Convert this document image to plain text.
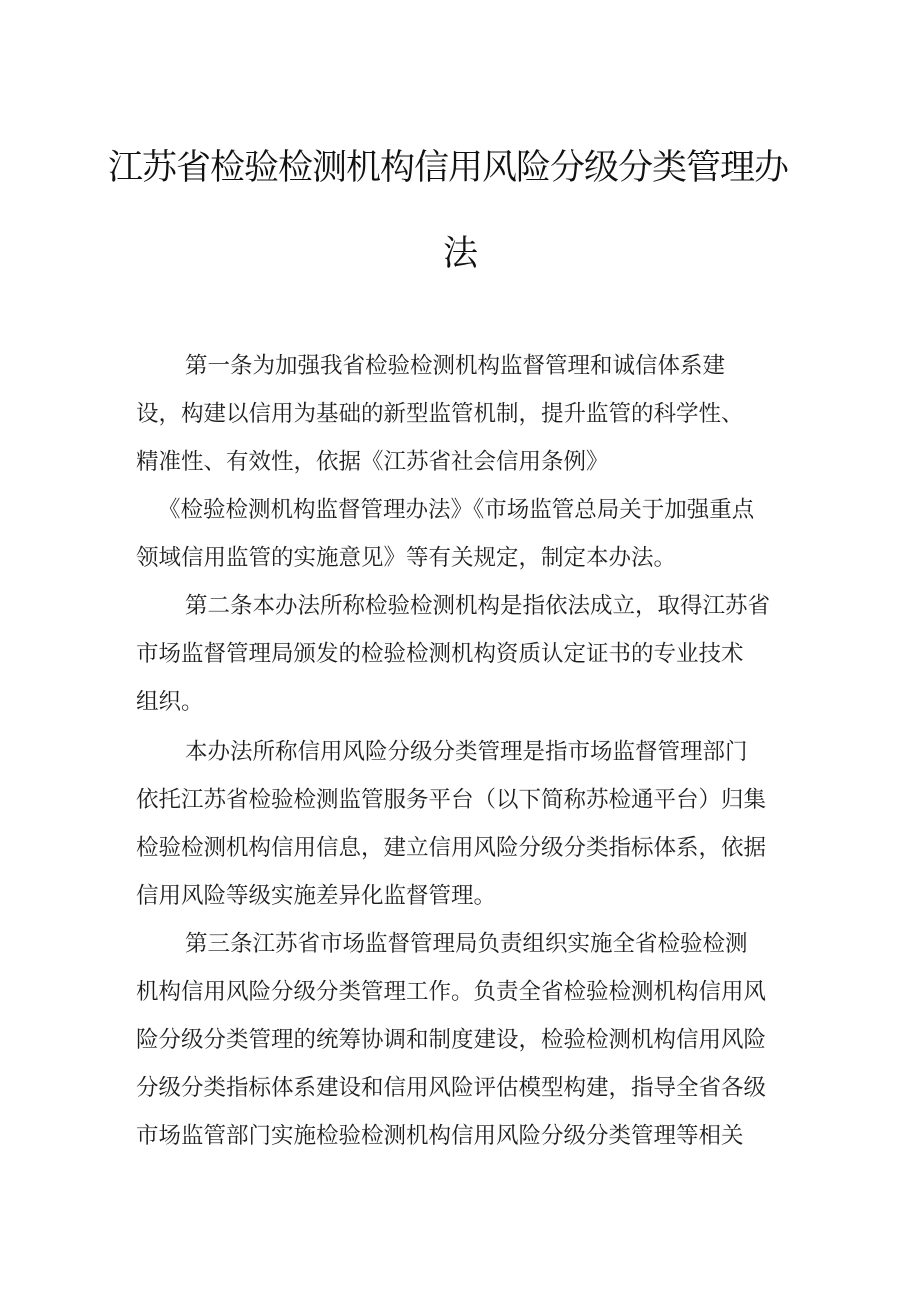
江苏省检验检测机构信用风险分级分类管理办
法
第一条为加强我省检验检测机构监督管理和诚信体系建
设，构建以信用为基础的新型监管机制，提升监管的科学性、
精准性、有效性，依据《江苏省社会信用条例》
《检验检测机构监督管理办法》《市场监管总局关于加强重点
领域信用监管的实施意见》等有关规定，制定本办法。
第二条本办法所称检验检测机构是指依法成立，取得江苏省
市场监督管理局颁发的检验检测机构资质认定证书的专业技术
组织。
本办法所称信用风险分级分类管理是指市场监督管理部门
依托江苏省检验检测监管服务平台（以下简称苏检通平台）归集
检验检测机构信用信息，建立信用风险分级分类指标体系，依据
信用风险等级实施差异化监督管理。
第三条江苏省市场监督管理局负责组织实施全省检验检测
机构信用风险分级分类管理工作。负责全省检验检测机构信用风
险分级分类管理的统筹协调和制度建设，检验检测机构信用风险
分级分类指标体系建设和信用风险评估模型构建，指导全省各级
市场监管部门实施检验检测机构信用风险分级分类管理等相关
